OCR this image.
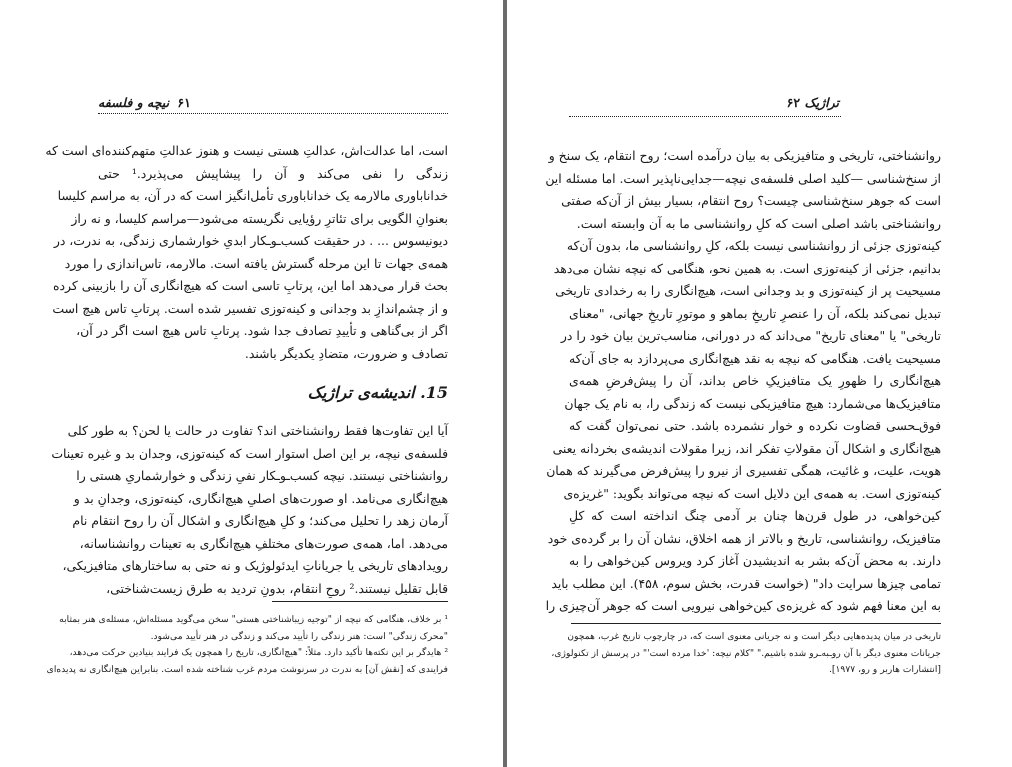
۶۱ نیچه و فلسفه
است، اما عدالت‌اش، عدالتِ هستی نیست و هنوز عدالتِ متهم‌کننده‌ای است که
زندگی را نفی می‌کند و آن را پیشاپیش می‌پذیرد.¹ حتی
خداناباوری مالارمه یک خداناباوری تأمل‌انگیز است که در آن، به مراسم کلیسا
بعنوانِ الگویی برای تئاترِ رؤیایی نگریسته می‌شود—مراسم کلیسا، و نه راز
دیونیسوس ... . در حقیقت کسب‌ـو‌ـکار ابدیِ خوارشماری زندگی، به ندرت، در
همه‌ی جهات تا این مرحله گسترش یافته است. مالارمه، تاس‌اندازی را مورد
بحث قرار می‌دهد اما این، پرتابِ تاسی است که هیچ‌انگاری آن را بازبینی کرده
و از چشم‌اندازِ بد وجدانی و کینه‌توزی تفسیر شده است. پرتابِ تاس هیچ است
اگر از بی‌گناهی و تأییدِ تصادف جدا شود. پرتابِ تاس هیچ است اگر در آن،
تصادف و ضرورت، متضادِ یکدیگر باشند.
15. اندیشه‌ی تراژیک
آیا این تفاوت‌ها فقط روانشناختی اند؟ تفاوت در حالت یا لحن؟ به طور کلی
فلسفه‌ی نیچه، بر این اصل استوار است که کینه‌توزی، وجدان بد و غیره تعینات
روانشناختی نیستند. نیچه کسب‌ـو‌ـکار نفیِ زندگی و خوارشماریِ هستی را
هیچ‌انگاری می‌نامد. او صورت‌های اصلیِ هیچ‌انگاری، کینه‌توزی، وجدانِ بد و
آرمان زهد را تحلیل می‌کند؛ و کلِ هیچ‌انگاری و اشکال آن را روح انتقام نام
می‌دهد. اما، همه‌ی صورت‌های مختلفِ هیچ‌انگاری به تعینات روانشناسانه،
رویدادهای تاریخی یا جریاناتِ ایدئولوژیک و نه حتی به ساختارهای متافیزیکی،
قابل تقلیل نیستند.² روحِ انتقام، بدونِ تردید به طرق زیست‌شناختی،
¹ بر خلاف، هنگامی که نیچه از "توجیه زیباشناختی هستی" سخن می‌گوید مسئله‌اش، مسئله‌ی هنر بمثابه
"محرک زندگی" است: هنر زندگی را تأیید می‌کند و زندگی در هنر تأیید می‌شود.
² هایدگر بر این نکته‌ها تأکید دارد. مثلاً: "هیچ‌انگاری، تاریخ را همچون یک فرایند بنیادین حرکت می‌دهد،
فرایندی که [نقش آن] به ندرت در سرنوشت مردم غرب شناخته شده است. بنابراین هیچ‌انگاری نه پدیده‌ای
تراژیک ۶۲
روانشناختی، تاریخی و متافیزیکی به بیان درآمده است؛ روح انتقام، یک سنخ و
از سنخ‌شناسی —کلید اصلی فلسفه‌ی نیچه—جدایی‌ناپذیر است. اما مسئله این
است که جوهر سنخ‌شناسی چیست؟ روح انتقام، بسیار بیش از آن‌که صفتی
روانشناختی باشد اصلی است که کلِ روانشناسی ما به آن وابسته است.
کینه‌توزی جزئی از روانشناسی نیست بلکه، کلِ روانشناسی ما، بدون آن‌که
بدانیم، جزئی از کینه‌توزی است. به همین نحو، هنگامی که نیچه نشان می‌دهد
مسیحیت پر از کینه‌توزی و بد وجدانی است، هیچ‌انگاری را به رخدادی تاریخی
تبدیل نمی‌کند بلکه، آن را عنصرِ تاریخِ بماهو و موتورِ تاریخِ جهانی، "معنای
تاریخی" یا "معنای تاریخ" می‌داند که در دورانی، مناسب‌ترین بیان خود را در
مسیحیت یافت. هنگامی که نیچه به نقد هیچ‌انگاری می‌پردازد به جای آن‌که
هیچ‌انگاری را ظهورِ یک متافیزیکِ خاص بداند، آن را پیش‌فرضِ همه‌ی
متافیزیک‌ها می‌شمارد: هیچ متافیزیکی نیست که زندگی را، به نام یک جهان
فوق‌ـحسی قضاوت نکرده و خوار نشمرده باشد. حتی نمی‌توان گفت که
هیچ‌انگاری و اشکال آن مقولاتِ تفکر اند، زیرا مقولات اندیشه‌ی بخردانه یعنی
هویت، علیت، و غائیت، همگی تفسیری از نیرو را پیش‌فرض می‌گیرند که همان
کینه‌توزی است. به همه‌ی این دلایل است که نیچه می‌تواند بگوید: "غریزه‌ی
کین‌خواهی، در طول قرن‌ها چنان بر آدمی چنگ انداخته است که کلِ
متافیزیک، روانشناسی، تاریخ و بالاتر از همه اخلاق، نشان آن را بر گرده‌ی خود
دارند. به محض آن‌که بشر به اندیشیدن آغاز کرد ویروس کین‌خواهی را به
تمامی چیزها سرایت داد" (خواست قدرت، بخش سوم، ۴۵۸). این مطلب باید
به این معنا فهم شود که غریزه‌ی کین‌خواهی نیرویی است که جوهر آن‌چیزی را
تاریخی در میان پدیده‌هایی دیگر است و نه جریانی معنوی است که، در چارچوب تاریخ غرب، همچون
جریانات معنوی دیگر با آن رو‌ـبه‌ـرو شده باشیم." "کلام نیچه: 'خدا مرده است'" در پرسش از تکنولوژی،
[انتشارات هاربر و رو، ۱۹۷۷].
